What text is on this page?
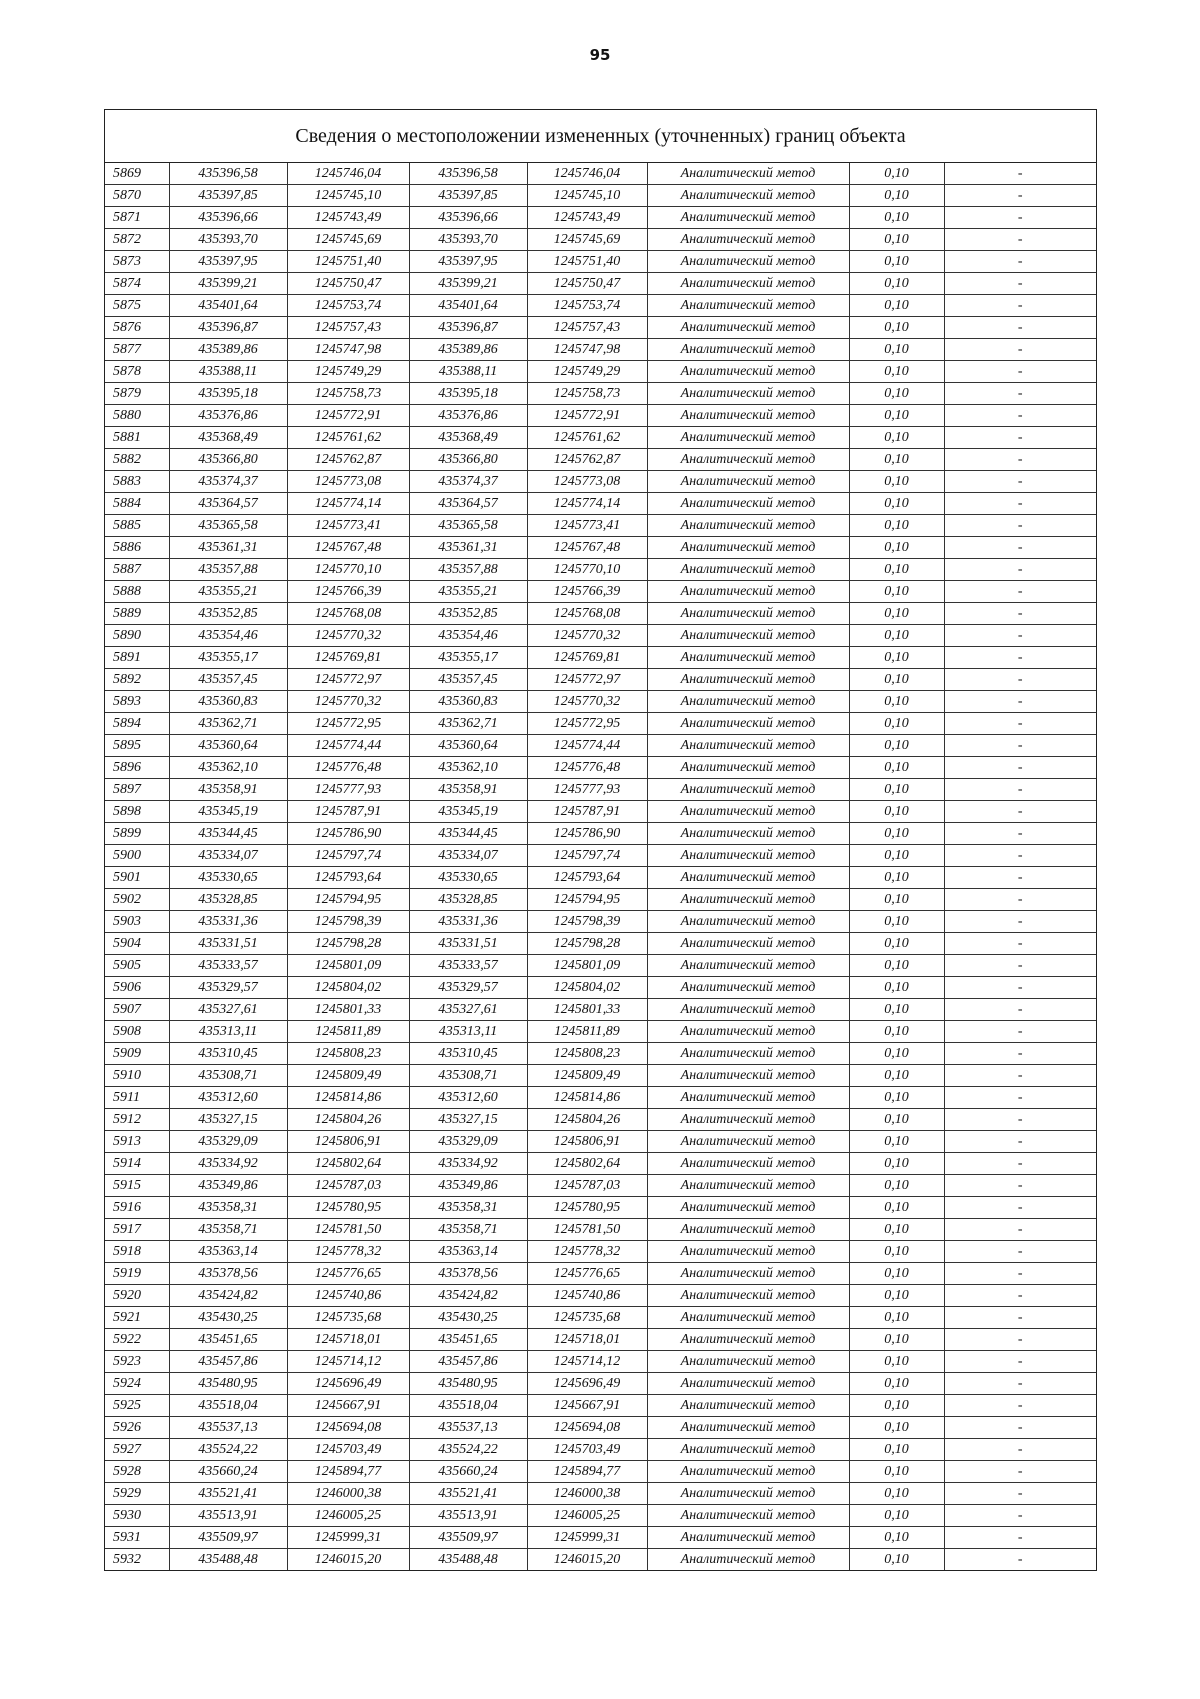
95
Сведения о местоположении измененных (уточненных) границ объекта
5869	435396,58	1245746,04	435396,58	1245746,04	Аналитический метод	0,10	-
5870	435397,85	1245745,10	435397,85	1245745,10	Аналитический метод	0,10	-
5871	435396,66	1245743,49	435396,66	1245743,49	Аналитический метод	0,10	-
5872	435393,70	1245745,69	435393,70	1245745,69	Аналитический метод	0,10	-
5873	435397,95	1245751,40	435397,95	1245751,40	Аналитический метод	0,10	-
5874	435399,21	1245750,47	435399,21	1245750,47	Аналитический метод	0,10	-
5875	435401,64	1245753,74	435401,64	1245753,74	Аналитический метод	0,10	-
5876	435396,87	1245757,43	435396,87	1245757,43	Аналитический метод	0,10	-
5877	435389,86	1245747,98	435389,86	1245747,98	Аналитический метод	0,10	-
5878	435388,11	1245749,29	435388,11	1245749,29	Аналитический метод	0,10	-
5879	435395,18	1245758,73	435395,18	1245758,73	Аналитический метод	0,10	-
5880	435376,86	1245772,91	435376,86	1245772,91	Аналитический метод	0,10	-
5881	435368,49	1245761,62	435368,49	1245761,62	Аналитический метод	0,10	-
5882	435366,80	1245762,87	435366,80	1245762,87	Аналитический метод	0,10	-
5883	435374,37	1245773,08	435374,37	1245773,08	Аналитический метод	0,10	-
5884	435364,57	1245774,14	435364,57	1245774,14	Аналитический метод	0,10	-
5885	435365,58	1245773,41	435365,58	1245773,41	Аналитический метод	0,10	-
5886	435361,31	1245767,48	435361,31	1245767,48	Аналитический метод	0,10	-
5887	435357,88	1245770,10	435357,88	1245770,10	Аналитический метод	0,10	-
5888	435355,21	1245766,39	435355,21	1245766,39	Аналитический метод	0,10	-
5889	435352,85	1245768,08	435352,85	1245768,08	Аналитический метод	0,10	-
5890	435354,46	1245770,32	435354,46	1245770,32	Аналитический метод	0,10	-
5891	435355,17	1245769,81	435355,17	1245769,81	Аналитический метод	0,10	-
5892	435357,45	1245772,97	435357,45	1245772,97	Аналитический метод	0,10	-
5893	435360,83	1245770,32	435360,83	1245770,32	Аналитический метод	0,10	-
5894	435362,71	1245772,95	435362,71	1245772,95	Аналитический метод	0,10	-
5895	435360,64	1245774,44	435360,64	1245774,44	Аналитический метод	0,10	-
5896	435362,10	1245776,48	435362,10	1245776,48	Аналитический метод	0,10	-
5897	435358,91	1245777,93	435358,91	1245777,93	Аналитический метод	0,10	-
5898	435345,19	1245787,91	435345,19	1245787,91	Аналитический метод	0,10	-
5899	435344,45	1245786,90	435344,45	1245786,90	Аналитический метод	0,10	-
5900	435334,07	1245797,74	435334,07	1245797,74	Аналитический метод	0,10	-
5901	435330,65	1245793,64	435330,65	1245793,64	Аналитический метод	0,10	-
5902	435328,85	1245794,95	435328,85	1245794,95	Аналитический метод	0,10	-
5903	435331,36	1245798,39	435331,36	1245798,39	Аналитический метод	0,10	-
5904	435331,51	1245798,28	435331,51	1245798,28	Аналитический метод	0,10	-
5905	435333,57	1245801,09	435333,57	1245801,09	Аналитический метод	0,10	-
5906	435329,57	1245804,02	435329,57	1245804,02	Аналитический метод	0,10	-
5907	435327,61	1245801,33	435327,61	1245801,33	Аналитический метод	0,10	-
5908	435313,11	1245811,89	435313,11	1245811,89	Аналитический метод	0,10	-
5909	435310,45	1245808,23	435310,45	1245808,23	Аналитический метод	0,10	-
5910	435308,71	1245809,49	435308,71	1245809,49	Аналитический метод	0,10	-
5911	435312,60	1245814,86	435312,60	1245814,86	Аналитический метод	0,10	-
5912	435327,15	1245804,26	435327,15	1245804,26	Аналитический метод	0,10	-
5913	435329,09	1245806,91	435329,09	1245806,91	Аналитический метод	0,10	-
5914	435334,92	1245802,64	435334,92	1245802,64	Аналитический метод	0,10	-
5915	435349,86	1245787,03	435349,86	1245787,03	Аналитический метод	0,10	-
5916	435358,31	1245780,95	435358,31	1245780,95	Аналитический метод	0,10	-
5917	435358,71	1245781,50	435358,71	1245781,50	Аналитический метод	0,10	-
5918	435363,14	1245778,32	435363,14	1245778,32	Аналитический метод	0,10	-
5919	435378,56	1245776,65	435378,56	1245776,65	Аналитический метод	0,10	-
5920	435424,82	1245740,86	435424,82	1245740,86	Аналитический метод	0,10	-
5921	435430,25	1245735,68	435430,25	1245735,68	Аналитический метод	0,10	-
5922	435451,65	1245718,01	435451,65	1245718,01	Аналитический метод	0,10	-
5923	435457,86	1245714,12	435457,86	1245714,12	Аналитический метод	0,10	-
5924	435480,95	1245696,49	435480,95	1245696,49	Аналитический метод	0,10	-
5925	435518,04	1245667,91	435518,04	1245667,91	Аналитический метод	0,10	-
5926	435537,13	1245694,08	435537,13	1245694,08	Аналитический метод	0,10	-
5927	435524,22	1245703,49	435524,22	1245703,49	Аналитический метод	0,10	-
5928	435660,24	1245894,77	435660,24	1245894,77	Аналитический метод	0,10	-
5929	435521,41	1246000,38	435521,41	1246000,38	Аналитический метод	0,10	-
5930	435513,91	1246005,25	435513,91	1246005,25	Аналитический метод	0,10	-
5931	435509,97	1245999,31	435509,97	1245999,31	Аналитический метод	0,10	-
5932	435488,48	1246015,20	435488,48	1246015,20	Аналитический метод	0,10	-
